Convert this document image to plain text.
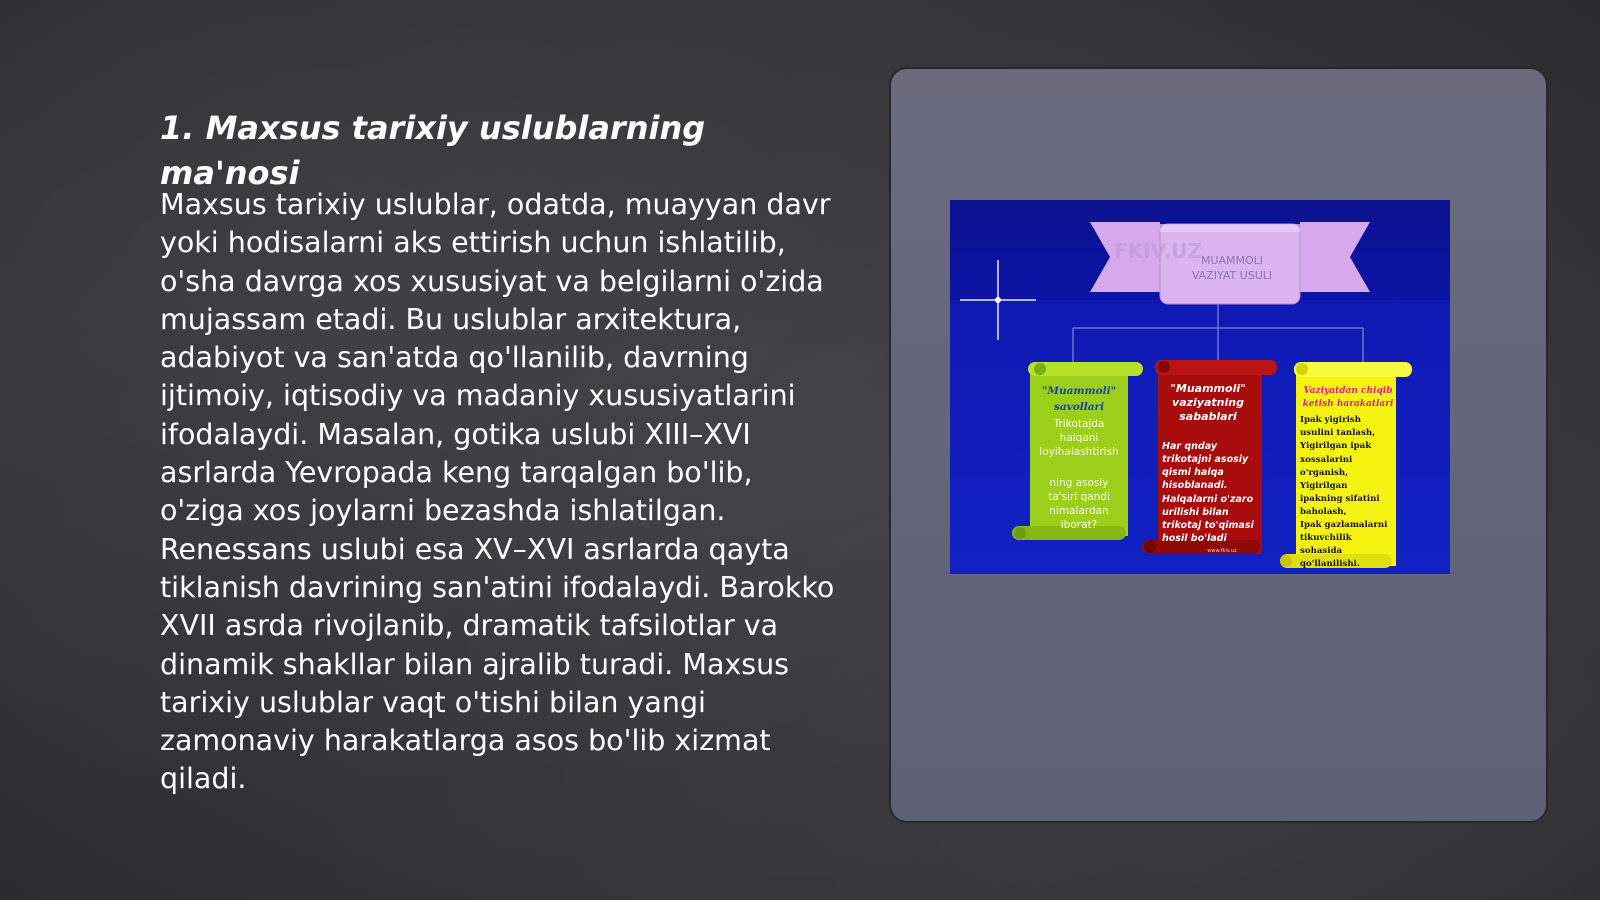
1. Maxsus tarixiy uslublarning ma'nosi

Maxsus tarixiy uslublar, odatda, muayyan davr yoki hodisalarni aks ettirish uchun ishlatilib, o'sha davrga xos xususiyat va belgilarni o'zida mujassam etadi. Bu uslublar arxitektura, adabiyot va san'atda qo'llanilib, davrning ijtimoiy, iqtisodiy va madaniy xususiyatlarini ifodalaydi. Masalan, gotika uslubi XIII–XVI asrlarda Yevropada keng tarqalgan bo'lib, o'ziga xos joylarni bezashda ishlatilgan. Renessans uslubi esa XV–XVI asrlarda qayta tiklanish davrining san'atini ifodalaydi. Barokko XVII asrda rivojlanib, dramatik tafsilotlar va dinamik shakllar bilan ajralib turadi. Maxsus tarixiy uslublar vaqt o'tishi bilan yangi zamonaviy harakatlarga asos bo'lib xizmat qiladi.

FKIV.UZ MUAMMOLI
VAZIYAT USULI
"Muammoli"
savollari
Trikotajda
halqani
loyihalashtirish
ning asosiy
ta'siri qandi
nimalardan
iborat?
"Muammoli"
vaziyatning
sabablari
Har qnday
trikotajni asosiy
qismi halqa
hisoblanadi.
Halqalarni o'zaro
urilishi bilan
trikotaj to'qimasi
hosil bo'ladi
www.fkiv.uz
Vaziyatdan chiqib
ketish harakatlari
Ipak yigirish
usulini tanlash,
Yigirilgan ipak
xossalarini
o'rganish,
Yigirilgan
ipakning sifatini
baholash,
Ipak gazlamalarni
tikuvchilik
sohasida
qo'llanilishi.
